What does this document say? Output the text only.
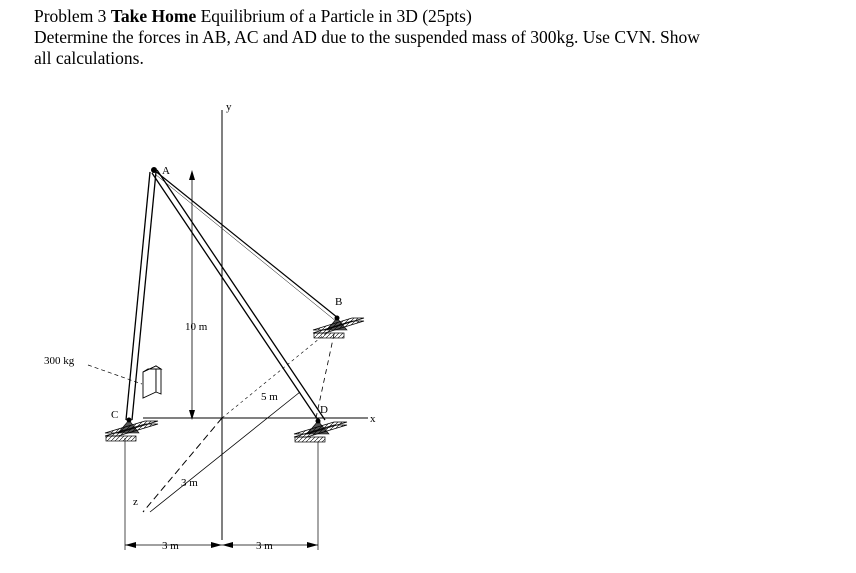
Problem 3 Take Home Equilibrium of a Particle in 3D (25pts)

Determine the forces in AB, AC and AD due to the suspended mass of 300kg. Use CVN. Show

all calculations.

A
B
C	D
x
y
z
300 kg
10 m
5 m
3 m
3 m	3 m
